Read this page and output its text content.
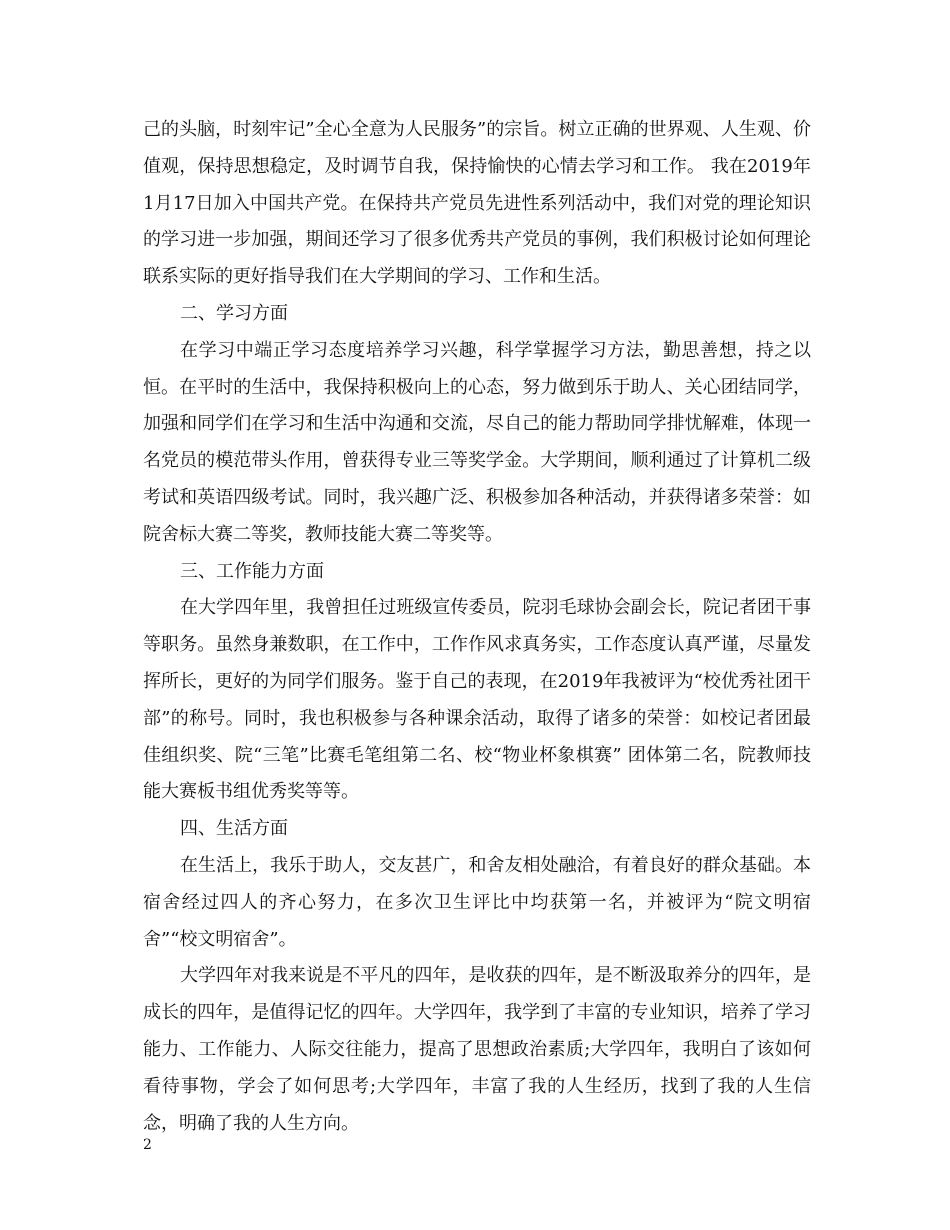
己的头脑，时刻牢记”全心全意为人民服务”的宗旨。树立正确的世界观、人生观、价值观，保持思想稳定，及时调节自我，保持愉快的心情去学习和工作。 我在2019年1月17日加入中国共产党。在保持共产党员先进性系列活动中，我们对党的理论知识的学习进一步加强，期间还学习了很多优秀共产党员的事例，我们积极讨论如何理论联系实际的更好指导我们在大学期间的学习、工作和生活。

二、学习方面

在学习中端正学习态度培养学习兴趣，科学掌握学习方法，勤思善想，持之以恒。在平时的生活中，我保持积极向上的心态，努力做到乐于助人、关心团结同学，加强和同学们在学习和生活中沟通和交流，尽自己的能力帮助同学排忧解难，体现一名党员的模范带头作用，曾获得专业三等奖学金。大学期间，顺利通过了计算机二级考试和英语四级考试。同时，我兴趣广泛、积极参加各种活动，并获得诸多荣誉：如院舍标大赛二等奖，教师技能大赛二等奖等。

三、工作能力方面

在大学四年里，我曾担任过班级宣传委员，院羽毛球协会副会长，院记者团干事等职务。虽然身兼数职，在工作中，工作作风求真务实，工作态度认真严谨，尽量发挥所长，更好的为同学们服务。鉴于自己的表现，在2019年我被评为“校优秀社团干部”的称号。同时，我也积极参与各种课余活动，取得了诸多的荣誉：如校记者团最佳组织奖、院“三笔”比赛毛笔组第二名、校“物业杯象棋赛” 团体第二名，院教师技能大赛板书组优秀奖等等。

四、生活方面

在生活上，我乐于助人，交友甚广，和舍友相处融洽，有着良好的群众基础。本宿舍经过四人的齐心努力，在多次卫生评比中均获第一名，并被评为“院文明宿舍”“校文明宿舍”。

大学四年对我来说是不平凡的四年，是收获的四年，是不断汲取养分的四年，是成长的四年，是值得记忆的四年。大学四年，我学到了丰富的专业知识，培养了学习能力、工作能力、人际交往能力，提高了思想政治素质;大学四年，我明白了该如何看待事物，学会了如何思考;大学四年，丰富了我的人生经历，找到了我的人生信念，明确了我的人生方向。

2
